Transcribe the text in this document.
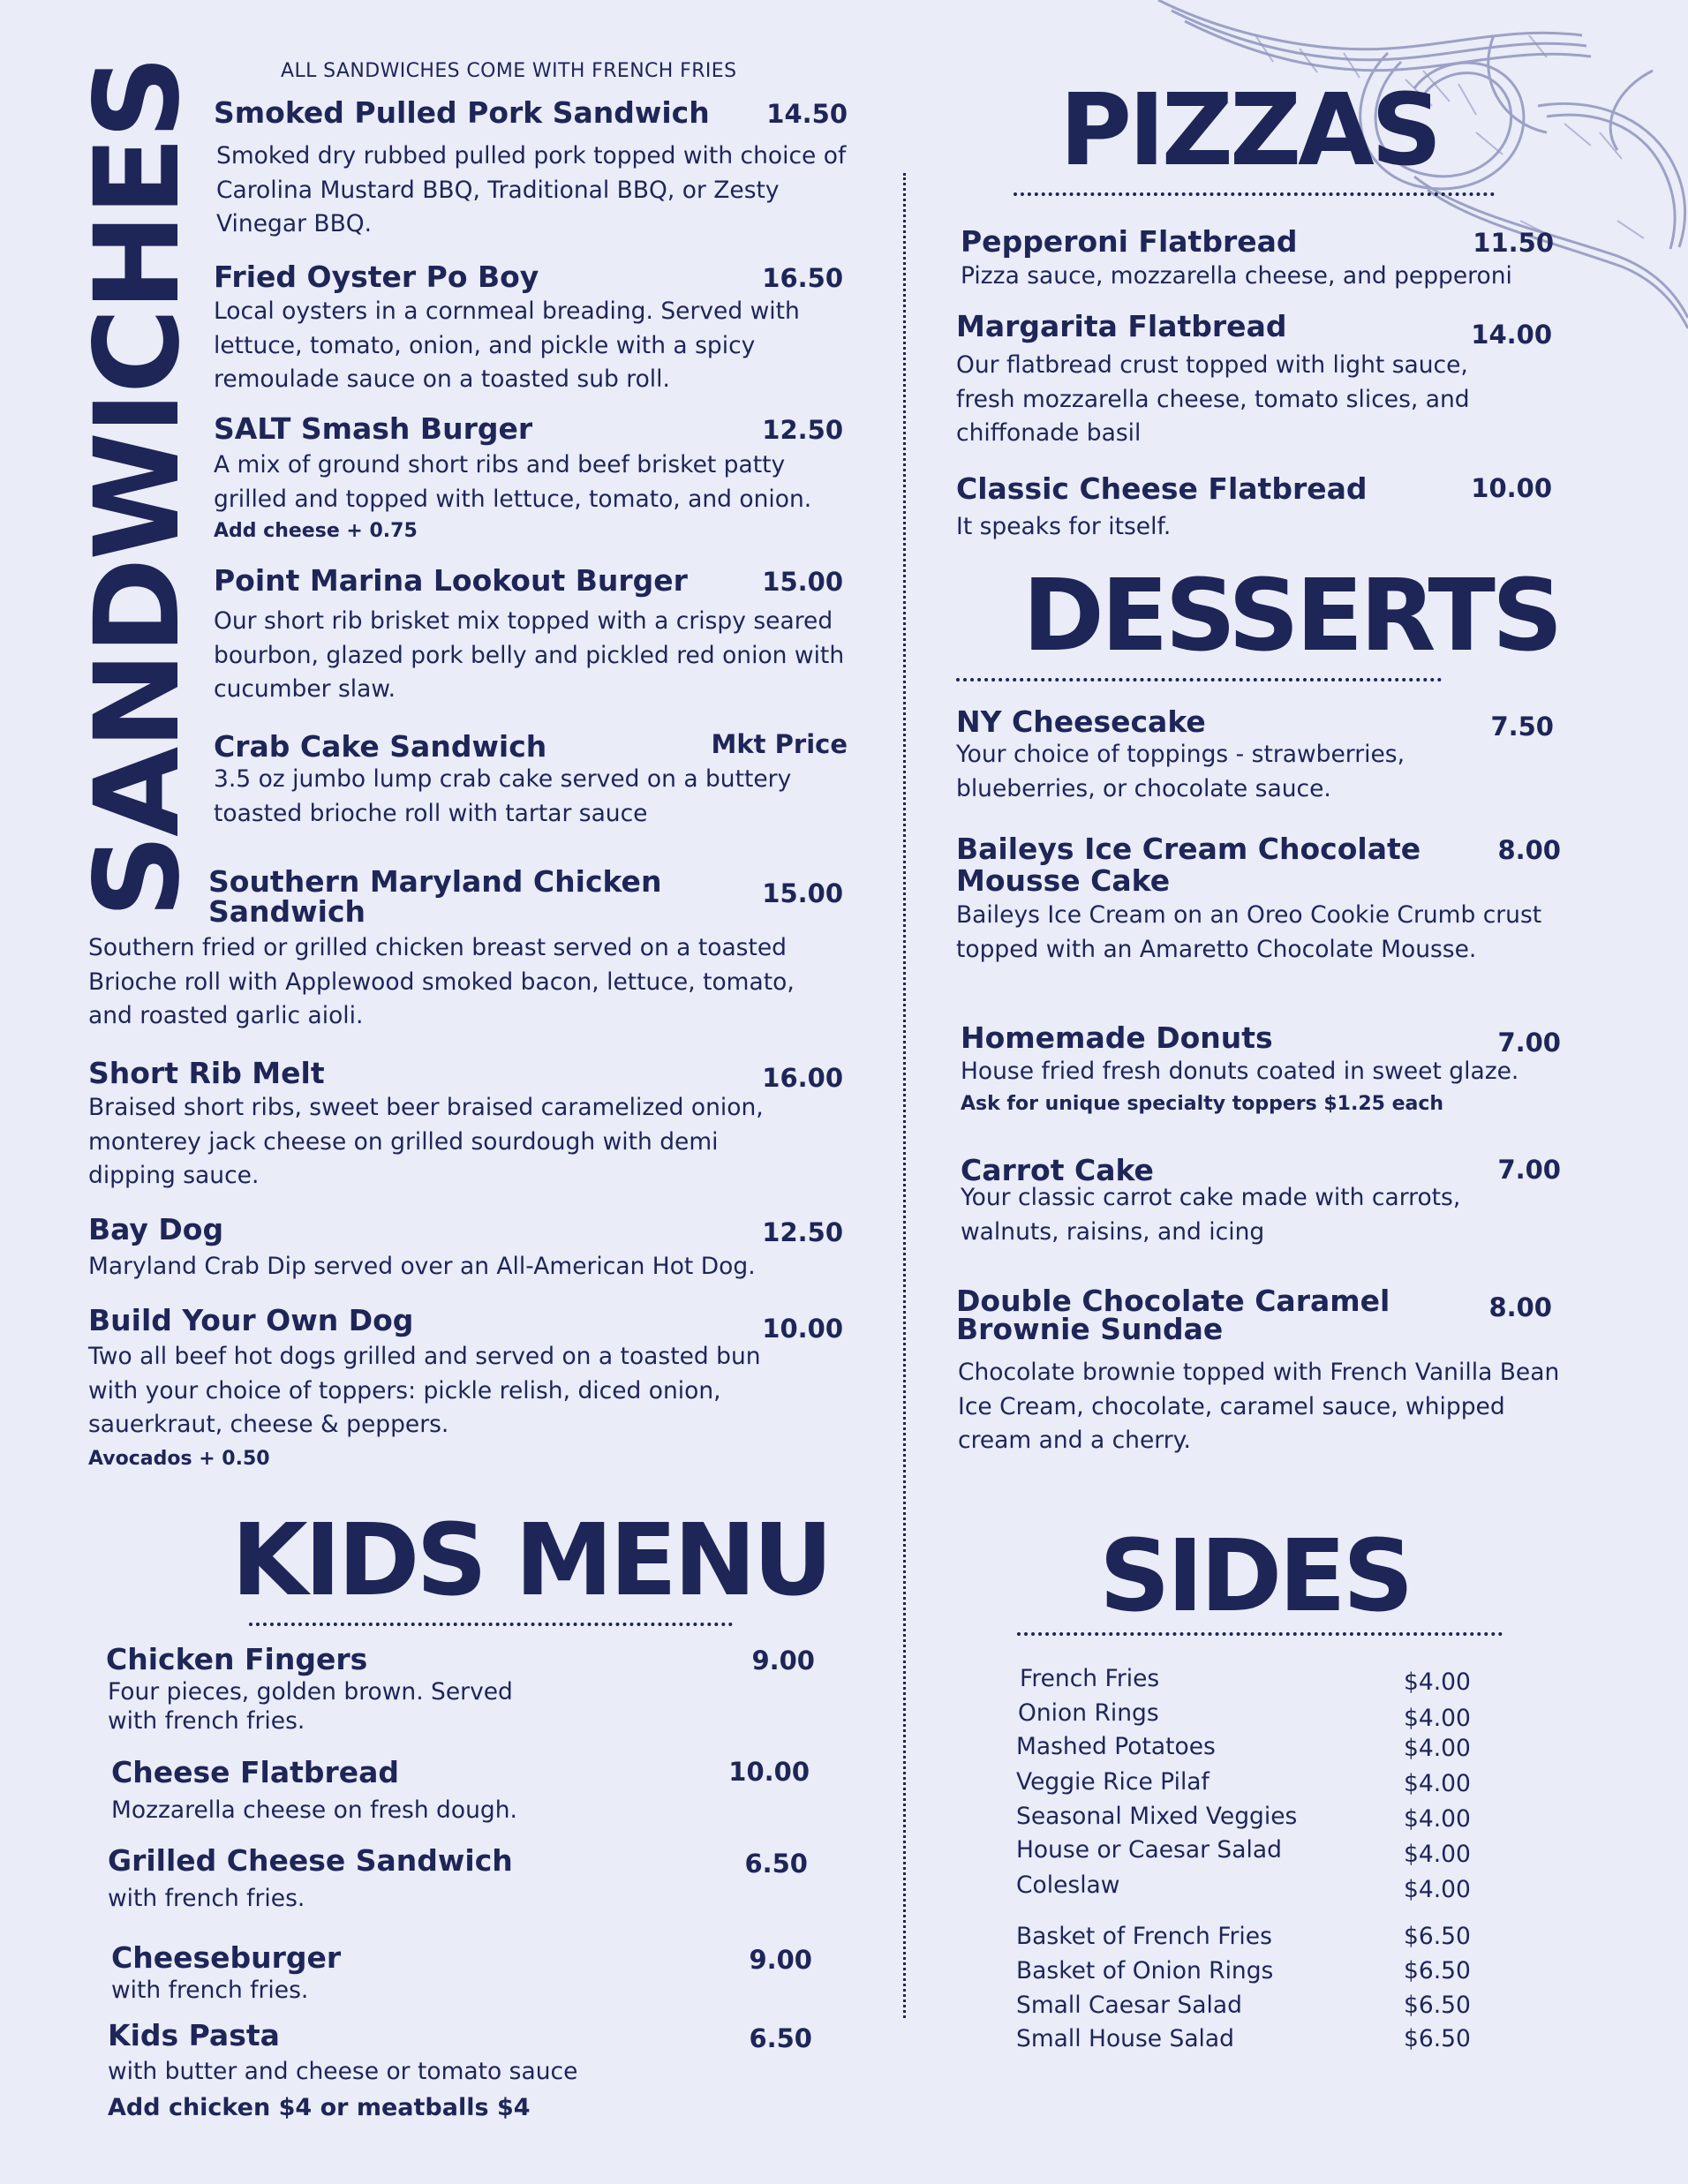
SANDWICHES	ALL SANDWICHES COME WITH FRENCH FRIES
Smoked Pulled Pork Sandwich	14.50
Smoked dry rubbed pulled pork topped with choice of Carolina Mustard BBQ, Traditional BBQ, or Zesty Vinegar BBQ.
Fried Oyster Po Boy	16.50
Local oysters in a cornmeal breading. Served with lettuce, tomato, onion, and pickle with a spicy remoulade sauce on a toasted sub roll.
SALT Smash Burger	12.50
A mix of ground short ribs and beef brisket patty grilled and topped with lettuce, tomato, and onion.
Add cheese + 0.75
Point Marina Lookout Burger	15.00
Our short rib brisket mix topped with a crispy seared bourbon, glazed pork belly and pickled red onion with cucumber slaw.
Crab Cake Sandwich	Mkt Price
3.5 oz jumbo lump crab cake served on a buttery toasted brioche roll with tartar sauce
Southern Maryland Chicken Sandwich
15.00
Southern fried or grilled chicken breast served on a toasted Brioche roll with Applewood smoked bacon, lettuce, tomato, and roasted garlic aioli.
Short Rib Melt	16.00
Braised short ribs, sweet beer braised caramelized onion, monterey jack cheese on grilled sourdough with demi dipping sauce.
Bay Dog	12.50
Maryland Crab Dip served over an All-American Hot Dog.
Build Your Own Dog	10.00
Two all beef hot dogs grilled and served on a toasted bun with your choice of toppers: pickle relish, diced onion, sauerkraut, cheese & peppers.
Avocados + 0.50
KIDS MENU
Chicken Fingers	9.00
Four pieces, golden brown. Served with french fries.
Cheese Flatbread	10.00
Mozzarella cheese on fresh dough.
Grilled Cheese Sandwich	6.50
with french fries.
Cheeseburger	9.00
with french fries.
Kids Pasta	6.50
with butter and cheese or tomato sauce
Add chicken $4 or meatballs $4
PIZZAS
Pepperoni Flatbread	11.50
Pizza sauce, mozzarella cheese, and pepperoni
Margarita Flatbread	14.00
Our flatbread crust topped with light sauce, fresh mozzarella cheese, tomato slices, and chiffonade basil
Classic Cheese Flatbread	10.00
It speaks for itself.
DESSERTS
NY Cheesecake	7.50
Your choice of toppings - strawberries, blueberries, or chocolate sauce.
Baileys Ice Cream Chocolate Mousse Cake
8.00
Baileys Ice Cream on an Oreo Cookie Crumb crust topped with an Amaretto Chocolate Mousse.
Homemade Donuts	7.00
House fried fresh donuts coated in sweet glaze.
Ask for unique specialty toppers $1.25 each
Carrot Cake	7.00
Your classic carrot cake made with carrots, walnuts, raisins, and icing
Double Chocolate Caramel Brownie Sundae
8.00
Chocolate brownie topped with French Vanilla Bean Ice Cream, chocolate, caramel sauce, whipped cream and a cherry.
SIDES
French Fries	$4.00
Onion Rings	$4.00
Mashed Potatoes	$4.00
Veggie Rice Pilaf	$4.00
Seasonal Mixed Veggies	$4.00
House or Caesar Salad	$4.00
Coleslaw	$4.00
Basket of French Fries	$6.50
Basket of Onion Rings	$6.50
Small Caesar Salad	$6.50
Small House Salad	$6.50
